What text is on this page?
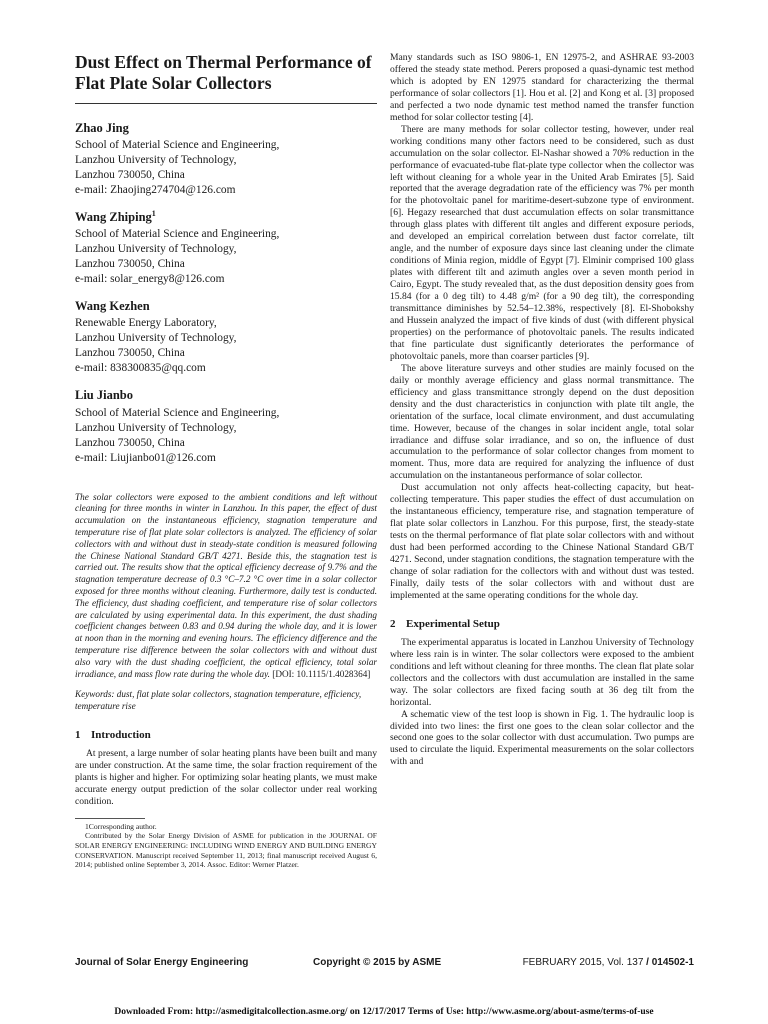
Dust Effect on Thermal Performance of Flat Plate Solar Collectors
Zhao Jing
School of Material Science and Engineering,
Lanzhou University of Technology,
Lanzhou 730050, China
e-mail: Zhaojing274704@126.com
Wang Zhiping$^1$
School of Material Science and Engineering,
Lanzhou University of Technology,
Lanzhou 730050, China
e-mail: solar_energy8@126.com
Wang Kezhen
Renewable Energy Laboratory,
Lanzhou University of Technology,
Lanzhou 730050, China
e-mail: 838300835@qq.com
Liu Jianbo
School of Material Science and Engineering,
Lanzhou University of Technology,
Lanzhou 730050, China
e-mail: Liujianbo01@126.com
The solar collectors were exposed to the ambient conditions and left without cleaning for three months in winter in Lanzhou. In this paper, the effect of dust accumulation on the instantaneous efficiency, stagnation temperature and temperature rise of flat plate solar collectors is analyzed. The efficiency of solar collectors with and without dust in steady-state condition is measured following the Chinese National Standard GB/T 4271. Beside this, the stagnation test is carried out. The results show that the optical efficiency decrease of 9.7% and the stagnation temperature decrease of 0.3 °C–7.2 °C over time in a solar collector exposed for three months without cleaning. Furthermore, daily test is conducted. The efficiency, dust shading coefficient, and temperature rise of solar collectors are calculated by using experimental data. In this experiment, the dust shading coefficient changes between 0.83 and 0.94 during the whole day, and it is lower at noon than in the morning and evening hours. The efficiency difference and the temperature rise difference between the solar collectors with and without dust also vary with the dust shading coefficient, the optical efficiency, total solar irradiance, and mass flow rate during the whole day. [DOI: 10.1115/1.4028364]
Keywords: dust, flat plate solar collectors, stagnation temperature, efficiency, temperature rise
1 Introduction

At present, a large number of solar heating plants have been built and many are under construction. At the same time, the solar fraction requirement of the plants is higher and higher. For optimizing solar heating plants, we must make accurate energy output prediction of the solar collector under real working condition.

1Corresponding author.
Contributed by the Solar Energy Division of ASME for publication in the JOURNAL OF SOLAR ENERGY ENGINEERING: INCLUDING WIND ENERGY AND BUILDING ENERGY CONSERVATION. Manuscript received September 11, 2013; final manuscript received August 6, 2014; published online September 3, 2014. Assoc. Editor: Werner Platzer.

Many standards such as ISO 9806-1, EN 12975-2, and ASHRAE 93-2003 offered the steady state method. Perers proposed a quasi-dynamic test method which is adopted by EN 12975 standard for characterizing the thermal performance of solar collectors [1]. Hou et al. [2] and Kong et al. [3] proposed and perfected a two node dynamic test method named the transfer function method for solar collector testing [4].

There are many methods for solar collector testing, however, under real working conditions many other factors need to be considered, such as dust accumulation on the solar collector. El-Nashar showed a 70% reduction in the performance of evacuated-tube flat-plate type collector when the collector was left without cleaning for a whole year in the United Arab Emirates [5]. Said reported that the average degradation rate of the efficiency was 7% per month for the photovoltaic panel for maritime-desert-subzone type of environment. [6]. Hegazy researched that dust accumulation effects on solar transmittance through glass plates with different tilt angles and different exposure periods, and developed an empirical correlation between dust factor correlate, tilt angle, and the number of exposure days since last cleaning under the climate conditions of Minia region, middle of Egypt [7]. Elminir comprised 100 glass plates with different tilt and azimuth angles over a seven month period in Cairo, Egypt. The study revealed that, as the dust deposition density goes from 15.84 (for a 0 deg tilt) to 4.48 g/m² (for a 90 deg tilt), the corresponding transmittance diminishes by 52.54–12.38%, respectively [8]. El-Shobokshy and Hussein analyzed the impact of five kinds of dust (with different physical properties) on the performance of photovoltaic panels. The results indicated that fine particulate dust significantly deteriorates the performance of photovoltaic panels, more than coarser particles [9].

The above literature surveys and other studies are mainly focused on the daily or monthly average efficiency and glass normal transmittance. The efficiency and glass transmittance strongly depend on the dust deposition density and the dust characteristics in conjunction with plate tilt angle, the orientation of the surface, local climate environment, and dust accumulating time. However, because of the changes in solar incident angle, total solar irradiance and diffuse solar irradiance, and so on, the influence of dust accumulation to the performance of solar collector changes from moment to moment. Thus, more data are required for analyzing the influence of dust accumulation on the instantaneous performance of solar collector.

Dust accumulation not only affects heat-collecting capacity, but heat-collecting temperature. This paper studies the effect of dust accumulation on the instantaneous efficiency, temperature rise, and stagnation temperature of flat plate solar collectors in Lanzhou. For this purpose, first, the steady-state tests on the thermal performance of flat plate solar collectors with and without dust had been performed according to the Chinese National Standard GB/T 4271. Second, under stagnation conditions, the stagnation temperature with the change of solar radiation for the collectors with and without dust was tested. Finally, daily tests of the solar collectors with and without dust are implemented at the same operating conditions for the whole day.

2 Experimental Setup

The experimental apparatus is located in Lanzhou University of Technology where less rain is in winter. The solar collectors were exposed to the ambient conditions and left without cleaning for three months. The clean flat plate solar collectors and the collectors with dust accumulation are installed in the same way. The solar collectors are fixed facing south at 36 deg tilt from the horizontal.

A schematic view of the test loop is shown in Fig. 1. The hydraulic loop is divided into two lines: the first one goes to the clean solar collector and the second one goes to the solar collector with dust accumulation. Two pumps are used to circulate the liquid. Experimental measurements on the solar collectors with and

Journal of Solar Energy Engineering	Copyright © 2015 by ASME	FEBRUARY 2015, Vol. 137 / 014502-1
Downloaded From: http://asmedigitalcollection.asme.org/ on 12/17/2017 Terms of Use: http://www.asme.org/about-asme/terms-of-use
